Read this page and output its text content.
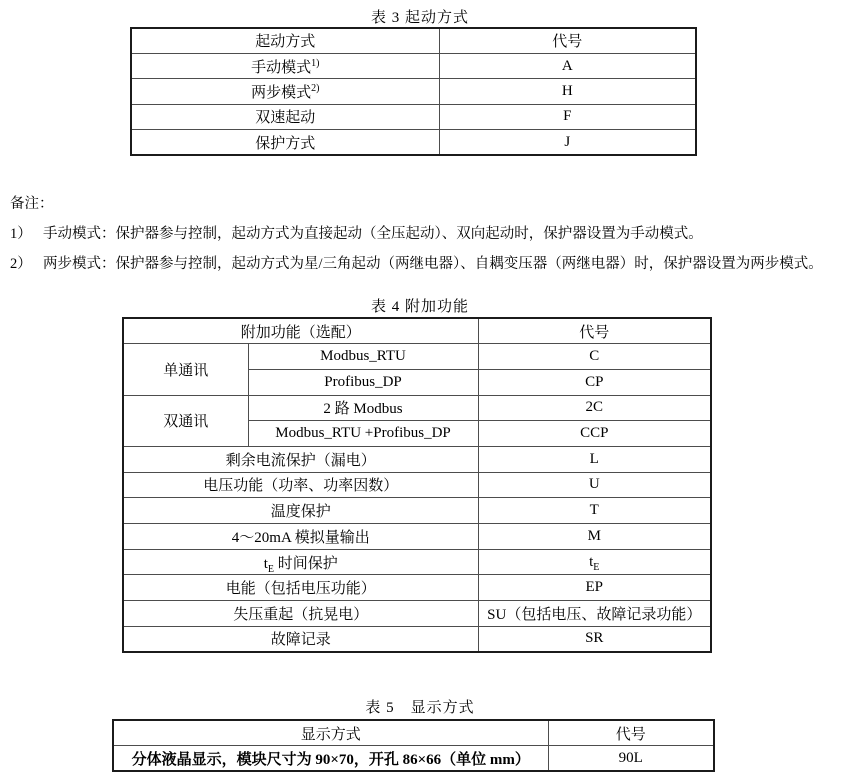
表 3 起动方式
起动方式	代号
手动模式$^{1)}$	A
两步模式$^{2)}$	H
双速起动	F
保护方式	J
备注：
1） 手动模式：保护器参与控制，起动方式为直接起动（全压起动）、双向起动时，保护器设置为手动模式。
2） 两步模式：保护器参与控制，起动方式为星/三角起动（两继电器）、自耦变压器（两继电器）时，保护器设置为两步模式。
表 4 附加功能
附加功能（选配）		代号
单通讯	Modbus_RTU	C
	Profibus_DP	CP
双通讯	2 路 Modbus	2C
	Modbus_RTU +Profibus_DP	CCP
剩余电流保护（漏电）		L
电压功能（功率、功率因数）		U
温度保护		T
4～20mA 模拟量输出		M
$t_E$ 时间保护		$t_E$
电能（包括电压功能）		EP
失压重起（抗晃电）		SU（包括电压、故障记录功能）
故障记录		SR
表 5　显示方式
显示方式	代号
分体液晶显示，模块尺寸为 90×70，开孔 86×66（单位 mm）	90L
